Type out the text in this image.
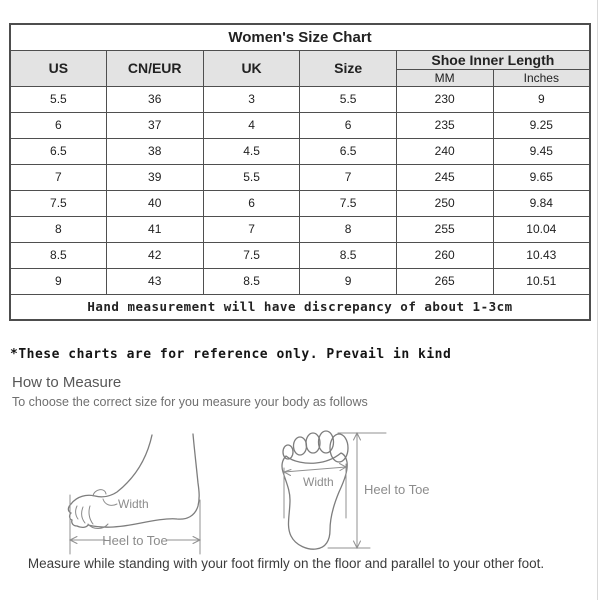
Women's Size Chart					
US	CN/EUR	UK	Size	Shoe Inner Length	
				MM	Inches
5.5	36	3	5.5	230	9
6	37	4	6	235	9.25
6.5	38	4.5	6.5	240	9.45
7	39	5.5	7	245	9.65
7.5	40	6	7.5	250	9.84
8	41	7	8	255	10.04
8.5	42	7.5	8.5	260	10.43
9	43	8.5	9	265	10.51
Hand measurement will have discrepancy of about 1-3cm					
*These charts are for reference only. Prevail in kind
How to Measure
To choose the correct size for you measure your body as follows
Width
Heel to Toe
Width Heel to Toe
Measure while standing with your foot firmly on the floor and parallel to your other foot.
